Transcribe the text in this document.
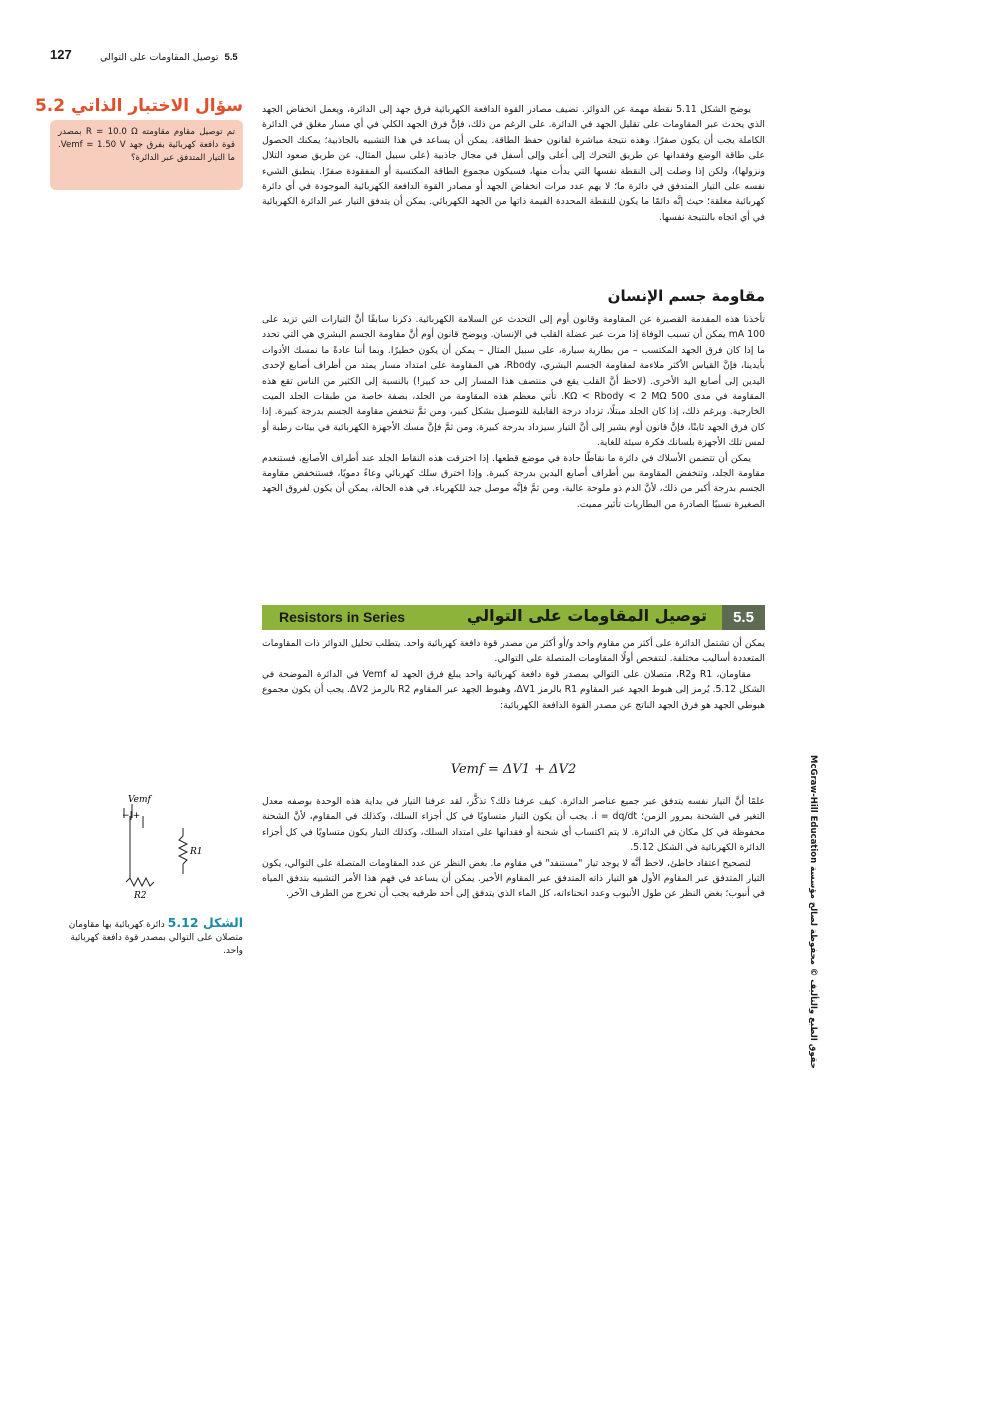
127	5.5توصيل المقاومات على التوالي
سؤال الاختبار الذاتي 5.2
تم توصيل مقاوم مقاومته R = 10.0 Ω بمصدر قوة دافعة كهربائية بفرق جهد Vemf = 1.50 V. ما التيار المتدفق عبر الدائرة؟

يوضح الشكل 5.11 نقطة مهمة عن الدوائر. تضيف مصادر القوة الدافعة الكهربائية فرق جهد إلى الدائرة، ويعمل انخفاض الجهد الذي يحدث عبر المقاومات على تقليل الجهد في الدائرة. على الرغم من ذلك، فإنَّ فرق الجهد الكلي في أي مسار مغلق في الدائرة الكاملة يجب أن يكون صفرًا. وهذه نتيجة مباشرة لقانون حفظ الطاقة. يمكن أن يساعد في هذا التشبيه بالجاذبية؛ يمكنك الحصول على طاقة الوضع وفقدانها عن طريق التحرك إلى أعلى وإلى أسفل في مجال جاذبية (على سبيل المثال، عن طريق صعود التلال ونزولها)، ولكن إذا وصلت إلى النقطة نفسها التي بدأت منها، فسيكون مجموع الطاقة المكتسبة أو المفقودة صفرًا. ينطبق الشيء نفسه على التيار المتدفق في دائرة ما؛ لا يهم عدد مرات انخفاض الجهد أو مصادر القوة الدافعة الكهربائية الموجودة في أي دائرة كهربائية مغلقة؛ حيث إنَّه دائمًا ما يكون للنقطة المحددة القيمة ذاتها من الجهد الكهربائي. يمكن أن يتدفق التيار عبر الدائرة الكهربائية في أي اتجاه بالنتيجة نفسها.

مقاومة جسم الإنسان

تأخذنا هذه المقدمة القصيرة عن المقاومة وقانون أوم إلى التحدث عن السلامة الكهربائية. ذكرنا سابقًا أنَّ التيارات التي تزيد على 100 mA يمكن أن تسبب الوفاة إذا مرت عبر عضلة القلب في الإنسان. ويوضح قانون أوم أنَّ مقاومة الجسم البشري هي التي تحدد ما إذا كان فرق الجهد المكتسب – من بطارية سيارة، على سبيل المثال – يمكن أن يكون خطيرًا. وبما أننا عادةً ما نمسك الأدوات بأيدينا، فإنَّ القياس الأكثر ملاءمة لمقاومة الجسم البشري، Rbody، هي المقاومة على امتداد مسار يمتد من أطراف أصابع لإحدى اليدين إلى أصابع اليد الأخرى. (لاحظ أنَّ القلب يقع في منتصف هذا المسار إلى حد كبير!) بالنسبة إلى الكثير من الناس تقع هذه المقاومة في مدى 500 KΩ < Rbody < 2 MΩ. تأتي معظم هذه المقاومة من الجلد، بصفة خاصة من طبقات الجلد الميت الخارجية. وبرغم ذلك، إذا كان الجلد مبتلًا، تزداد درجة القابلية للتوصيل بشكل كبير، ومن ثمَّ تنخفض مقاومة الجسم بدرجة كبيرة. إذا كان فرق الجهد ثابتًا، فإنَّ قانون أوم يشير إلى أنَّ التيار سيزداد بدرجة كبيرة. ومن ثمَّ فإنَّ مسك الأجهزة الكهربائية في بيئات رطبة أو لمس تلك الأجهزة بلسانك فكرة سيئة للغاية.

يمكن أن تتضمن الأسلاك في دائرة ما نقاطًا حادة في موضع قطعها. إذا اخترقت هذه النقاط الجلد عند أطراف الأصابع، فستنعدم مقاومة الجلد، وتنخفض المقاومة بين أطراف أصابع اليدين بدرجة كبيرة. وإذا اخترق سلك كهربائي وعاءً دمويًا، فستنخفض مقاومة الجسم بدرجة أكبر من ذلك، لأنَّ الدم ذو ملوحة عالية، ومن ثمَّ فإنَّه موصل جيد للكهرباء. في هذه الحالة، يمكن أن يكون لفروق الجهد الصغيرة نسبيًا الصادرة من البطاريات تأثير مميت.

5.5
توصيل المقاومات على التوالي
Resistors in Series

يمكن أن تشتمل الدائرة على أكثر من مقاوم واحد و/أو أكثر من مصدر قوة دافعة كهربائية واحد. يتطلب تحليل الدوائر ذات المقاومات المتعددة أساليب مختلفة. لنتفحص أولًا المقاومات المتصلة على التوالي.

مقاومان، R1 وR2، متصلان على التوالي بمصدر قوة دافعة كهربائية واحد يبلغ فرق الجهد له Vemf في الدائرة الموضحة في الشكل 5.12. يُرمز إلى هبوط الجهد عبر المقاوم R1 بالرمز ΔV1، وهبوط الجهد عبر المقاوم R2 بالرمز ΔV2. يجب أن يكون مجموع هبوطي الجهد هو فرق الجهد الناتج عن مصدر القوة الدافعة الكهربائية:

Vemf = ΔV1 + ΔV2

علمًا أنَّ التيار نفسه يتدفق عبر جميع عناصر الدائرة. كيف عرفنا ذلك؟ تذكَّر، لقد عرفنا التيار في بداية هذه الوحدة بوصفه معدل التغير في الشحنة بمرور الزمن؛ i = dq/dt. يجب أن يكون التيار متساويًا في كل أجزاء السلك، وكذلك في المقاوم، لأنَّ الشحنة محفوظة في كل مكان في الدائرة. لا يتم اكتساب أي شحنة أو فقدانها على امتداد السلك، وكذلك التيار يكون متساويًا في كل أجزاء الدائرة الكهربائية في الشكل 5.12.

لتصحيح اعتقاد خاطئ، لاحظ أنَّه لا يوجد تيار "مستنفد" في مقاوم ما. بغض النظر عن عدد المقاومات المتصلة على التوالي، يكون التيار المتدفق عبر المقاوم الأول هو التيار ذاته المتدفق عبر المقاوم الأخير. يمكن أن يساعد في فهم هذا الأمر التشبيه بتدفق المياه في أنبوب؛ بغض النظر عن طول الأنبوب وعدد انحناءاته، كل الماء الذي يتدفق إلى أحد طرفيه يجب أن تخرج من الطرف الآخر.

Vemf
−|+
R1
R2
الشكل 5.12 دائرة كهربائية بها مقاومان متصلان على التوالي بمصدر قوة دافعة كهربائية واحد.
حقوق الطبع والتأليف © محفوظة لصالح مؤسسة McGraw-Hill Education
